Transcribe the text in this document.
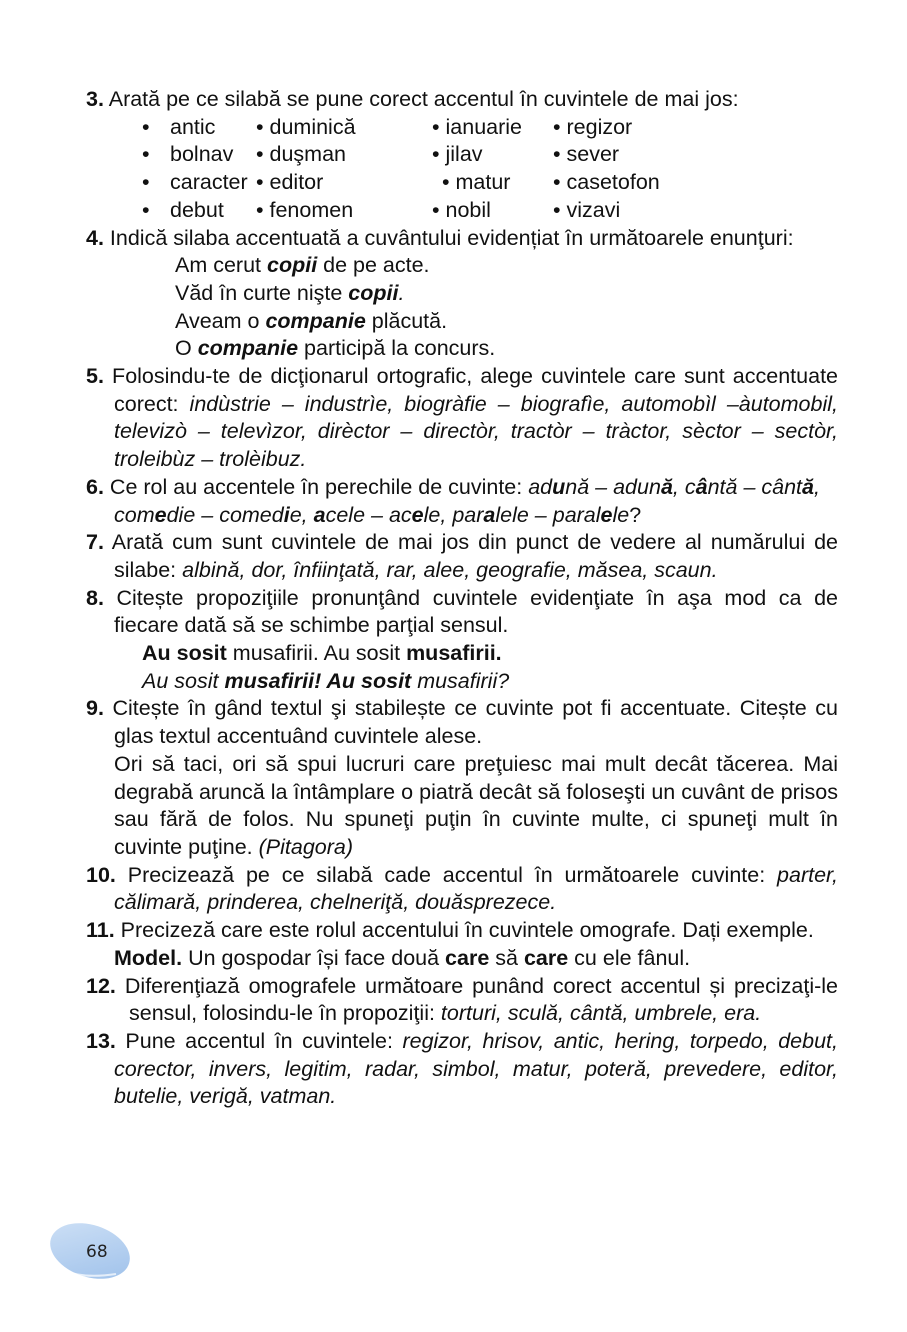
3. Arată pe ce silabă se pune corect accentul în cuvintele de mai jos:
• antic	• duminică	• ianuarie	• regizor
• bolnav	• duşman	• jilav	• sever
• caracter • editor	• matur	• casetofon
• debut	• fenomen	• nobil	• vizavi
4. Indică silaba accentuată a cuvântului evidențiat în următoarele enunţuri:
Am cerut copii de pe acte.
Văd în curte nişte copii.
Aveam o companie plăcută.
O companie participă la concurs.
5. Folosindu-te de dicţionarul ortografic, alege cuvintele care sunt accentuate corect: indùstrie – industrìe, biogràfie – biografìe, automobìl –àutomobil, televizò – televìzor, dirèctor – directòr, tractòr – tràctor, sèctor – sectòr, troleibùz – trolèibuz.
6. Ce rol au accentele în perechile de cuvinte: adună – adună, cântă – cântă, comedie – comedie, acele – acele, paralele – paralele?
7. Arată cum sunt cuvintele de mai jos din punct de vedere al numărului de silabe: albină, dor, înfiinţată, rar, alee, geografie, măsea, scaun.
8. Citește propoziţiile pronunţând cuvintele evidenţiate în aşa mod ca de fiecare dată să se schimbe parţial sensul.
Au sosit musafirii. Au sosit musafirii.
Au sosit musafirii! Au sosit musafirii?
9. Citește în gând textul şi stabilește ce cuvinte pot fi accentuate. Citește cu glas textul accentuând cuvintele alese.
Ori să taci, ori să spui lucruri care preţuiesc mai mult decât tăcerea. Mai degrabă aruncă la întâmplare o piatră decât să foloseşti un cuvânt de prisos sau fără de folos. Nu spuneţi puţin în cuvinte multe, ci spuneţi mult în cuvinte puţine. (Pitagora)
10. Precizează pe ce silabă cade accentul în următoarele cuvinte: parter, călimară, prinderea, chelneriţă, douăsprezece.
11. Precizeză care este rolul accentului în cuvintele omografe. Dați exemple.
Model. Un gospodar își face două care să care cu ele fânul.
12. Diferenţiază omografele următoare punând corect accentul și precizaţi-le sensul, folosindu-le în propoziţii: torturi, sculă, cântă, umbrele, era.
13. Pune accentul în cuvintele: regizor, hrisov, antic, hering, torpedo, debut, corector, invers, legitim, radar, simbol, matur, poteră, prevedere, editor, butelie, verigă, vatman.
68
